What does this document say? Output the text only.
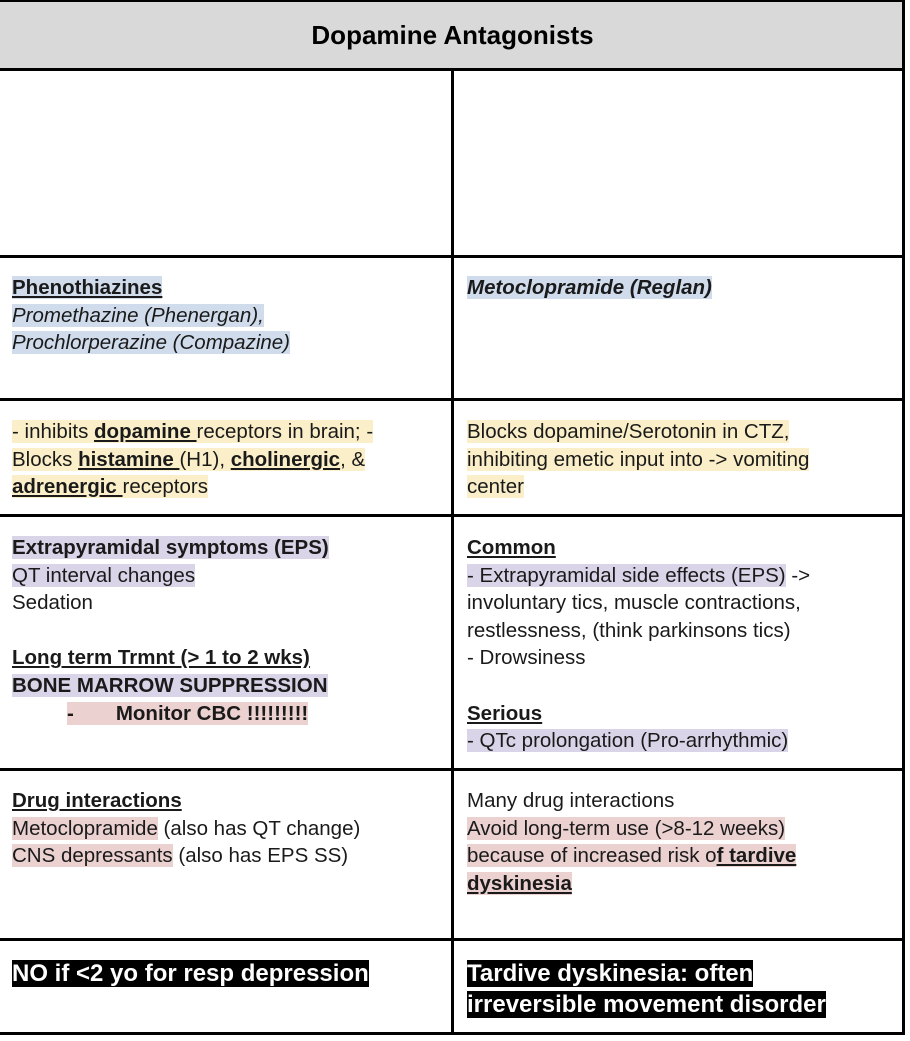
Dopamine Antagonists
Phenothiazines
Promethazine (Phenergan),
Prochlorperazine (Compazine)
Metoclopramide (Reglan)
- inhibits dopamine receptors in brain; -
Blocks histamine (H1), cholinergic, &
adrenergic receptors
Blocks dopamine/Serotonin in CTZ,
inhibiting emetic input into -> vomiting
center
Extrapyramidal symptoms (EPS)
QT interval changes
Sedation

Long term Trmnt (> 1 to 2 wks)
BONE MARROW SUPPRESSION
- Monitor CBC !!!!!!!!!
Common
- Extrapyramidal side effects (EPS) ->
involuntary tics, muscle contractions,
restlessness, (think parkinsons tics)
- Drowsiness

Serious
- QTc prolongation (Pro-arrhythmic)
Drug interactions
Metoclopramide (also has QT change)
CNS depressants (also has EPS SS)
Many drug interactions
Avoid long-term use (>8-12 weeks)
because of increased risk of tardive
dyskinesia
NO if <2 yo for resp depression	Tardive dyskinesia: often
irreversible movement disorder
